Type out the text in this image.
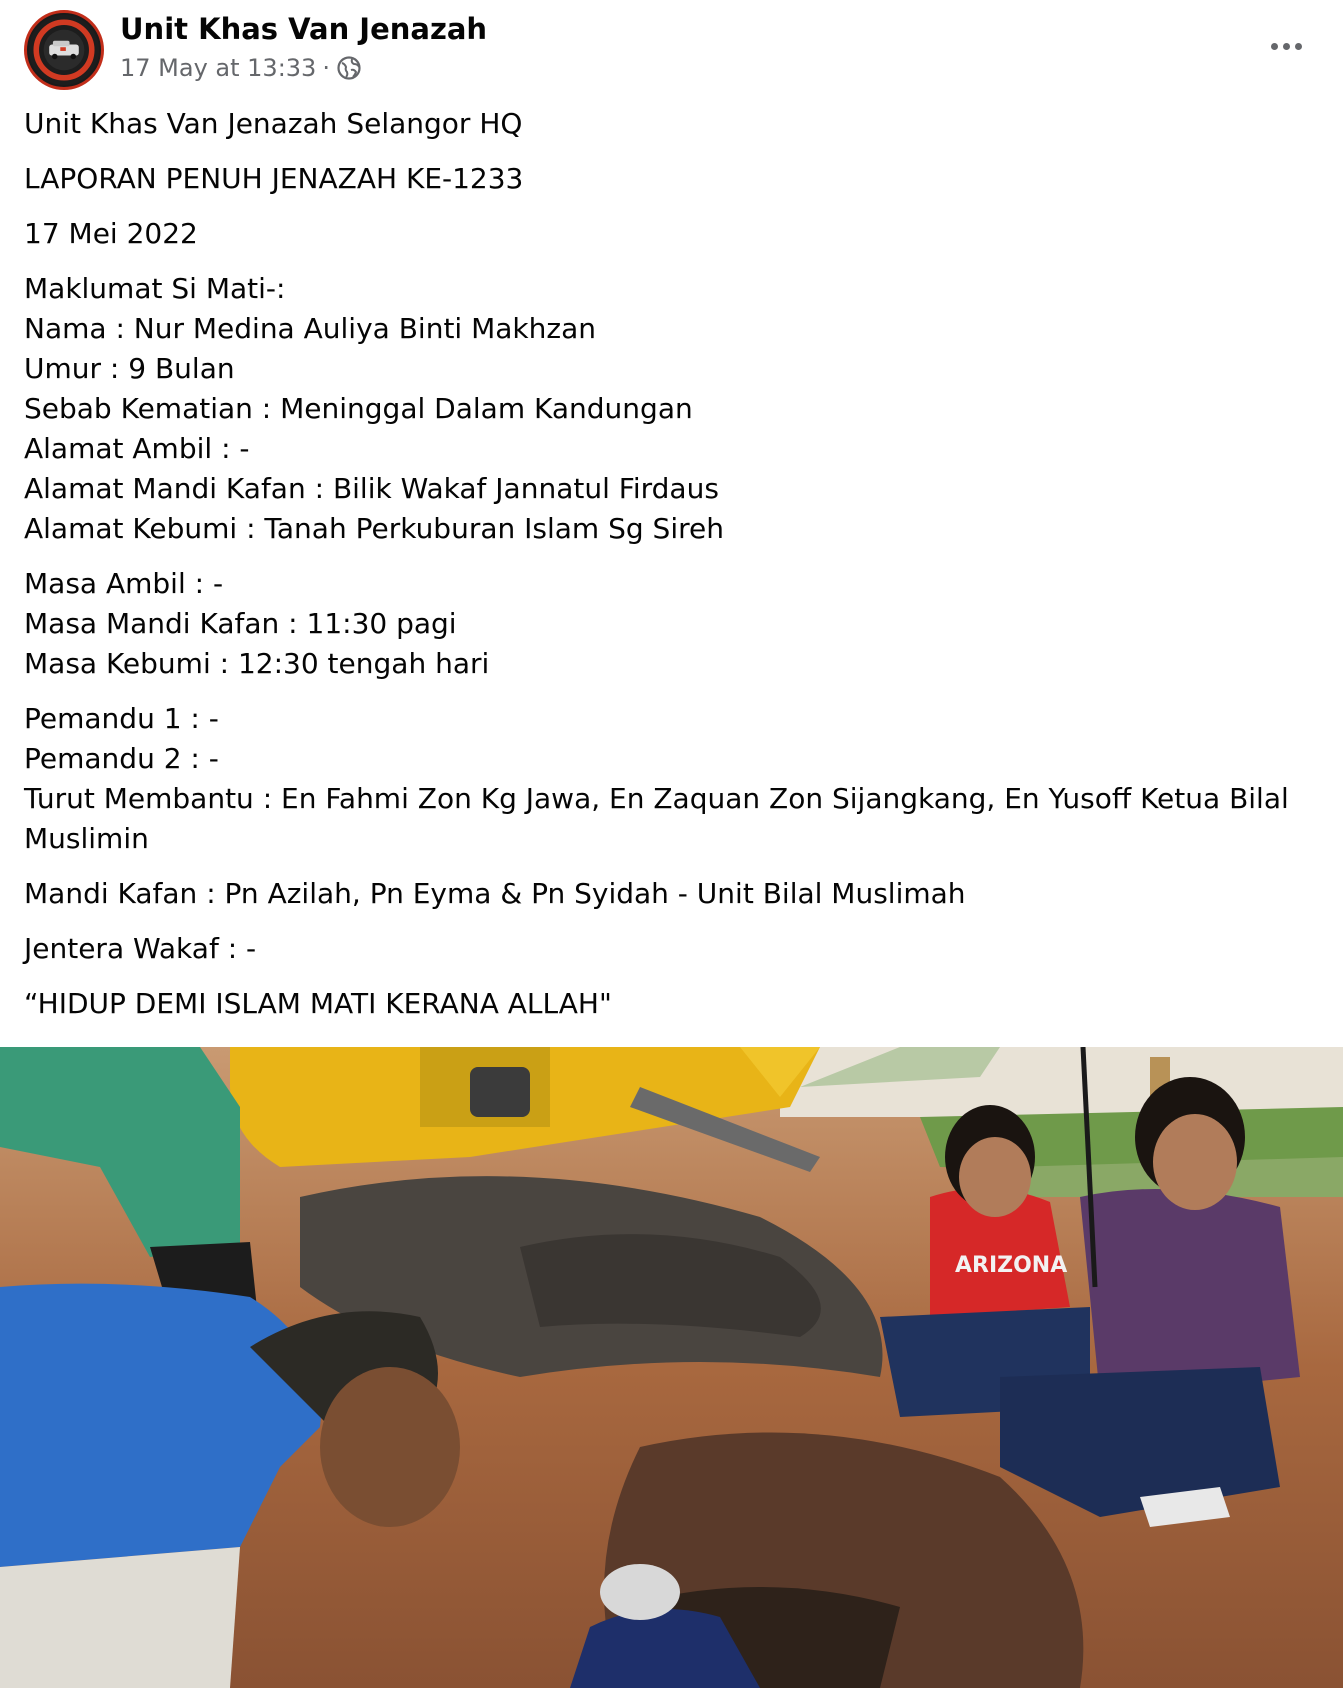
Unit Khas Van Jenazah
17 May at 13:33 ·

Unit Khas Van Jenazah Selangor HQ

LAPORAN PENUH JENAZAH KE-1233

17 Mei 2022

Maklumat Si Mati-:
Nama : Nur Medina Auliya Binti Makhzan
Umur : 9 Bulan
Sebab Kematian : Meninggal Dalam Kandungan
Alamat Ambil : -
Alamat Mandi Kafan : Bilik Wakaf Jannatul Firdaus
Alamat Kebumi : Tanah Perkuburan Islam Sg Sireh

Masa Ambil : -
Masa Mandi Kafan : 11:30 pagi
Masa Kebumi : 12:30 tengah hari

Pemandu 1 : -
Pemandu 2 : -
Turut Membantu : En Fahmi Zon Kg Jawa, En Zaquan Zon Sijangkang, En Yusoff Ketua Bilal Muslimin

Mandi Kafan : Pn Azilah, Pn Eyma & Pn Syidah - Unit Bilal Muslimah

Jentera Wakaf : -

“HIDUP DEMI ISLAM MATI KERANA ALLAH"

ARIZONA
